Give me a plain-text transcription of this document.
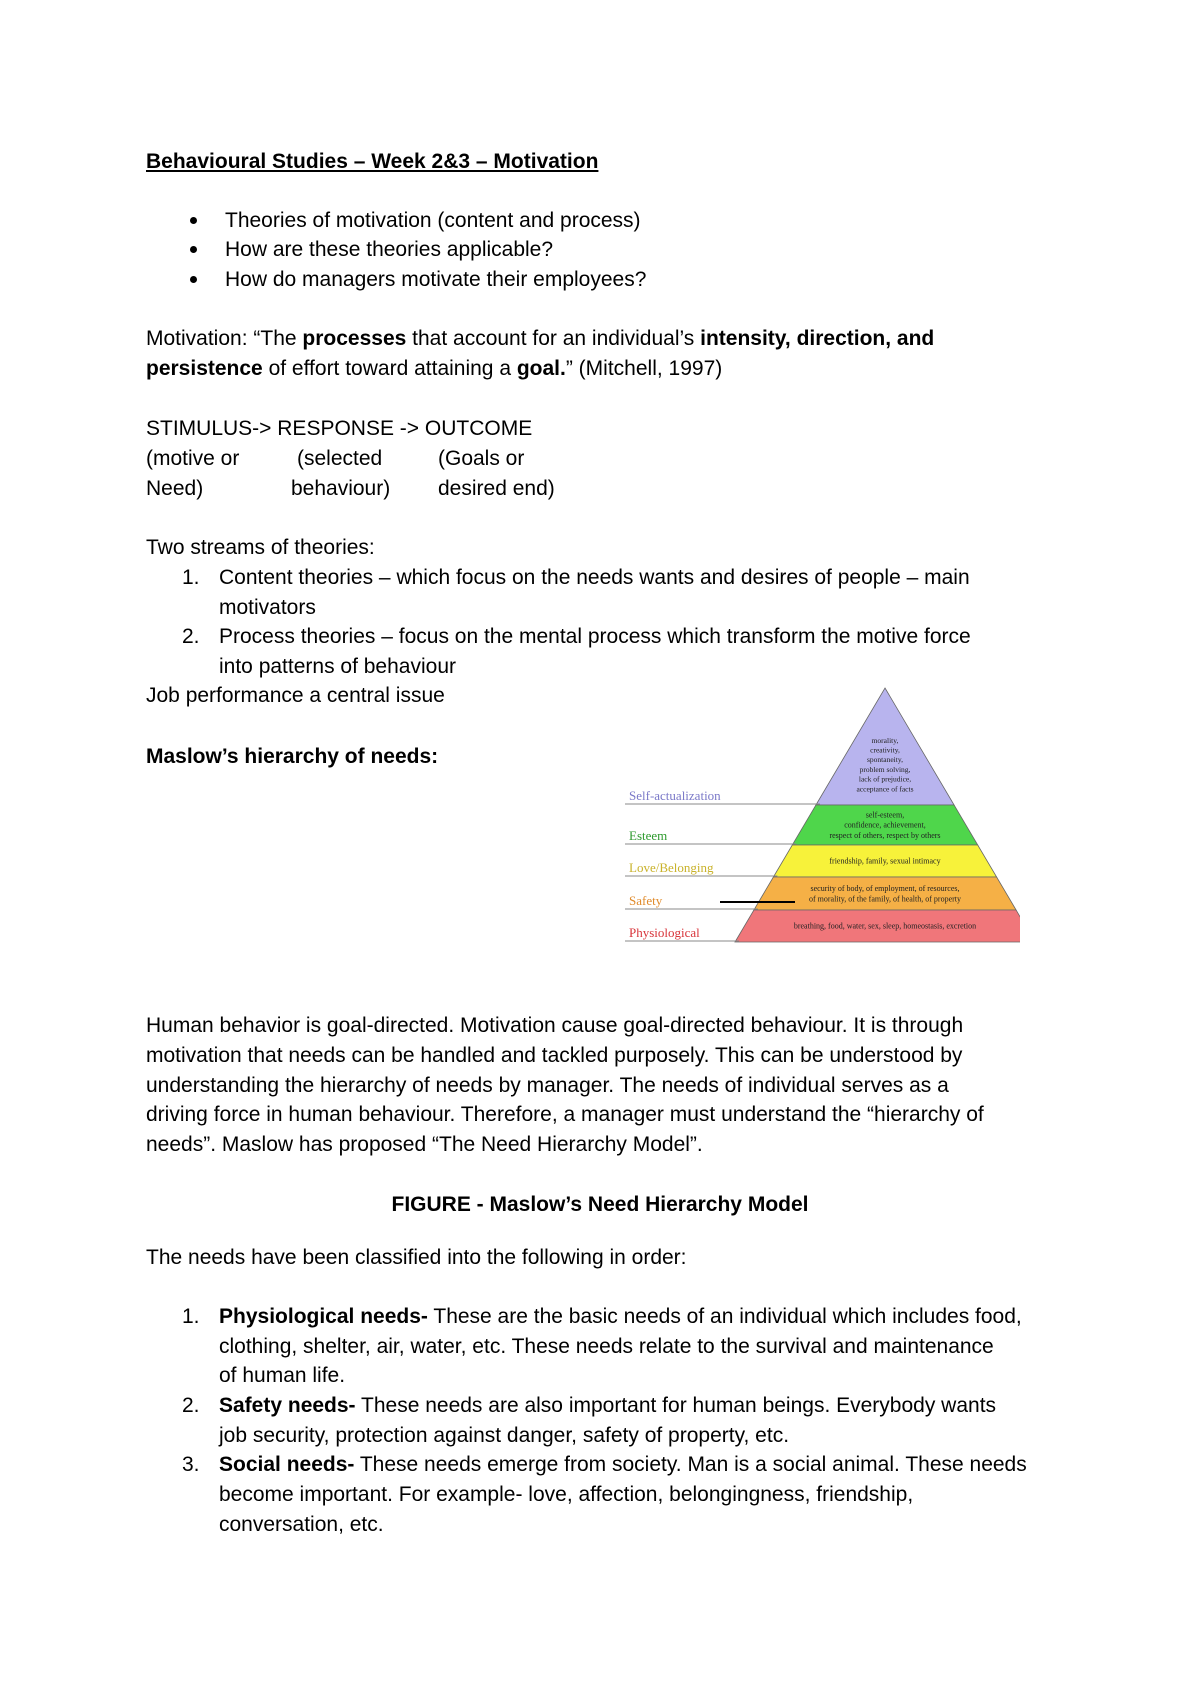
Behavioural Studies – Week 2&3 – Motivation
Theories of motivation (content and process)
How are these theories applicable?
How do managers motivate their employees?
Motivation: “The processes that account for an individual’s intensity, direction, and
persistence of effort toward attaining a goal.” (Mitchell, 1997)
STIMULUS-> RESPONSE -> OUTCOME
(motive or
Need)
(selected
behaviour)
(Goals or
desired end)
Two streams of theories:
1. Content theories – which focus on the needs wants and desires of people – main
motivators
2. Process theories – focus on the mental process which transform the motive force
into patterns of behaviour
Job performance a central issue
Maslow’s hierarchy of needs:
Self-actualization
morality,
creativity,
spontaneity,
problem solving,
lack of prejudice,
acceptance of facts
Esteem
self-esteem,
confidence, achievement,
respect of others, respect by others
Love/Belonging	friendship, family, sexual intimacy
Safety
security of body, of employment, of resources,
of morality, of the family, of health, of property
Physiological	breathing, food, water, sex, sleep, homeostasis, excretion
Human behavior is goal-directed. Motivation cause goal-directed behaviour. It is through
motivation that needs can be handled and tackled purposely. This can be understood by
understanding the hierarchy of needs by manager. The needs of individual serves as a
driving force in human behaviour. Therefore, a manager must understand the “hierarchy of
needs”. Maslow has proposed “The Need Hierarchy Model”.
FIGURE - Maslow’s Need Hierarchy Model
The needs have been classified into the following in order:
1. Physiological needs- These are the basic needs of an individual which includes food,
clothing, shelter, air, water, etc. These needs relate to the survival and maintenance
of human life.
2. Safety needs- These needs are also important for human beings. Everybody wants
job security, protection against danger, safety of property, etc.
3. Social needs- These needs emerge from society. Man is a social animal. These needs
become important. For example- love, affection, belongingness, friendship,
conversation, etc.
